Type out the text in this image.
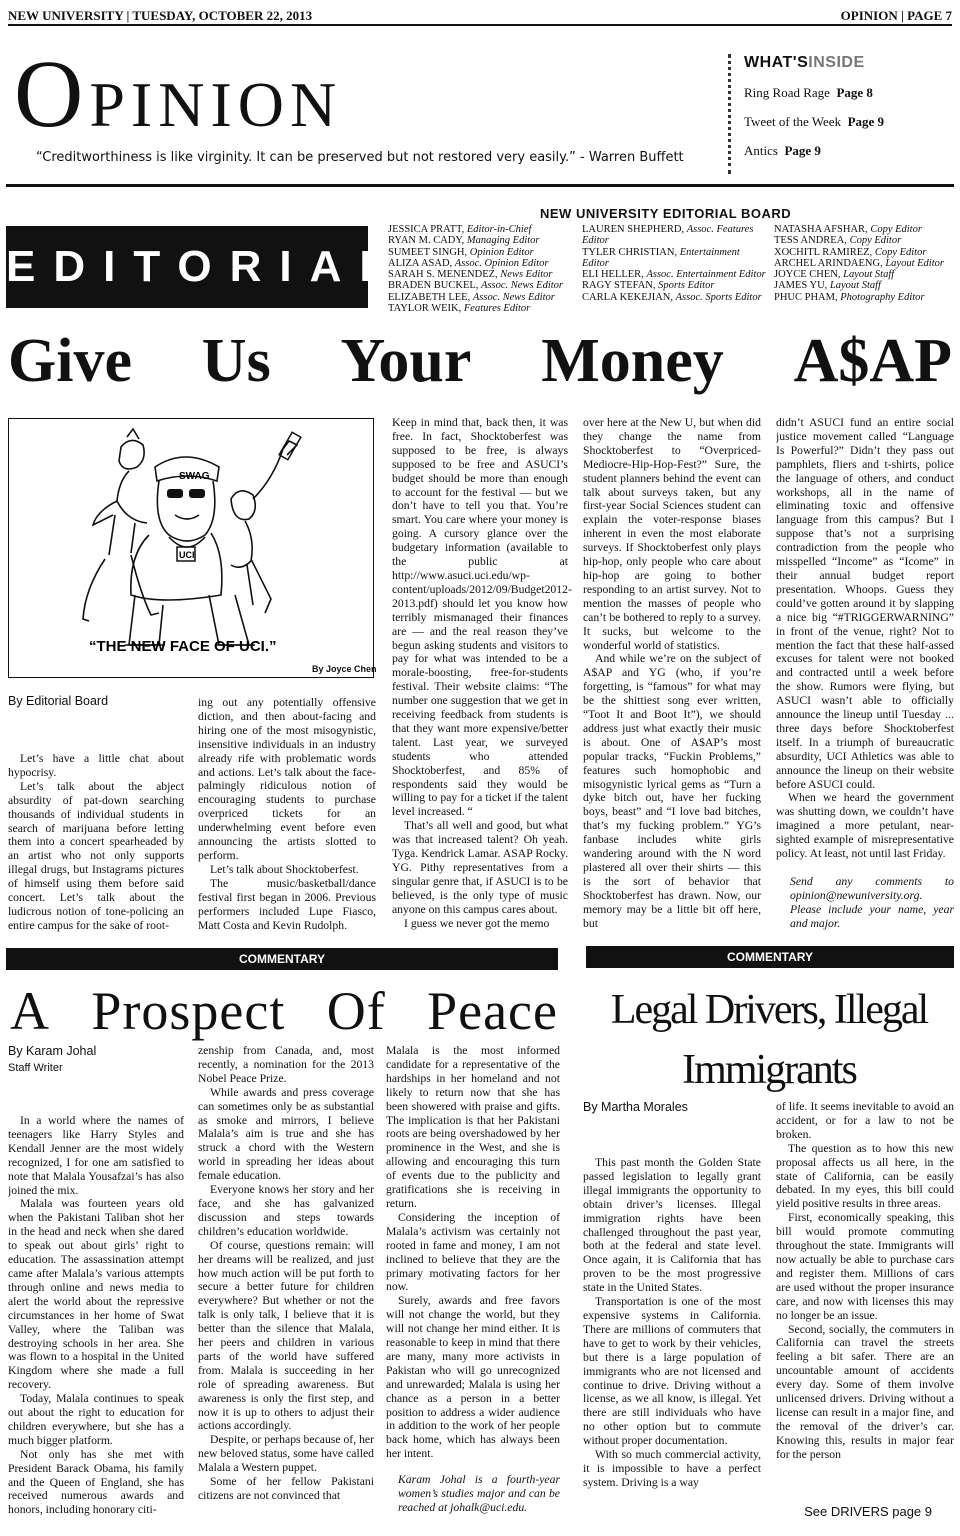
NEW UNIVERSITY | TUESDAY, OCTOBER 22, 2013	OPINION | PAGE 7
OPINION
“Creditworthiness is like virginity. It can be preserved but not restored very easily.” - Warren Buffett
WHAT'SINSIDE
Ring Road Rage Page 8
Tweet of the Week Page 9
Antics Page 9
EDITORIAL
NEW UNIVERSITY EDITORIAL BOARD
JESSICA PRATT, Editor-in-Chief
RYAN M. CADY, Managing Editor
SUMEET SINGH, Opinion Editor
ALIZA ASAD, Assoc. Opinion Editor
SARAH S. MENENDEZ, News Editor
BRADEN BUCKEL, Assoc. News Editor
ELIZABETH LEE, Assoc. News Editor
TAYLOR WEIK, Features Editor
LAUREN SHEPHERD, Assoc. Features Editor
TYLER CHRISTIAN, Entertainment Editor
ELI HELLER, Assoc. Entertainment Editor
RAGY STEFAN, Sports Editor
CARLA KEKEJIAN, Assoc. Sports Editor
NATASHA AFSHAR, Copy Editor
TESS ANDREA, Copy Editor
XOCHITL RAMIREZ, Copy Editor
ARCHEL ARINDAENG, Layout Editor
JOYCE CHEN, Layout Staff
JAMES YU, Layout Staff
PHUC PHAM, Photography Editor
Give Us Your Money A$AP
SWAG
UCI
“THE NEW FACE OF UCI.”
By Joyce Chen
By Editorial Board

Let’s have a little chat about hypocrisy.

Let’s talk about the abject absurdity of pat-down searching thousands of individual students in search of marijuana before letting them into a concert spearheaded by an artist who not only supports illegal drugs, but Instagrams pictures of himself using them before said concert. Let’s talk about the ludicrous notion of tone-policing an entire campus for the sake of root-

ing out any potentially offensive diction, and then about-facing and hiring one of the most misogynistic, insensitive individuals in an industry already rife with problematic words and actions. Let’s talk about the face-palmingly ridiculous notion of encouraging students to purchase overpriced tickets for an underwhelming event before even announcing the artists slotted to perform.

Let’s talk about Shocktoberfest.

The music/basketball/dance festival first began in 2006. Previous performers included Lupe Fiasco, Matt Costa and Kevin Rudolph.

Keep in mind that, back then, it was free. In fact, Shocktoberfest was supposed to be free, is always supposed to be free and ASUCI’s budget should be more than enough to account for the festival — but we don’t have to tell you that. You’re smart. You care where your money is going. A cursory glance over the budgetary information (available to the public at http://www.asuci.uci.edu/wp-content/uploads/2012/09/Budget2012-2013.pdf) should let you know how terribly mismanaged their finances are — and the real reason they’ve begun asking students and visitors to pay for what was intended to be a morale-boosting, free-for-students festival. Their website claims: “The number one suggestion that we get in receiving feedback from students is that they want more expensive/better talent. Last year, we surveyed students who attended Shocktoberfest, and 85% of respondents said they would be willing to pay for a ticket if the talent level increased. “

That’s all well and good, but what was that increased talent? Oh yeah. Tyga. Kendrick Lamar. ASAP Rocky. YG. Pithy representatives from a singular genre that, if ASUCI is to be believed, is the only type of music anyone on this campus cares about.

I guess we never got the memo

over here at the New U, but when did they change the name from Shocktoberfest to “Overpriced-Mediocre-Hip-Hop-Fest?” Sure, the student planners behind the event can talk about surveys taken, but any first-year Social Sciences student can explain the voter-response biases inherent in even the most elaborate surveys. If Shocktoberfest only plays hip-hop, only people who care about hip-hop are going to bother responding to an artist survey. Not to mention the masses of people who can’t be bothered to reply to a survey. It sucks, but welcome to the wonderful world of statistics.

And while we’re on the subject of A$AP and YG (who, if you’re forgetting, is “famous” for what may be the shittiest song ever written, “Toot It and Boot It”), we should address just what exactly their music is about. One of A$AP’s most popular tracks, “Fuckin Problems,” features such homophobic and misogynistic lyrical gems as “Turn a dyke bitch out, have her fucking boys, beast” and “I love bad bitches, that’s my fucking problem.” YG’s fanbase includes white girls wandering around with the N word plastered all over their shirts — this is the sort of behavior that Shocktoberfest has drawn. Now, our memory may be a little bit off here, but

didn’t ASUCI fund an entire social justice movement called “Language Is Powerful?” Didn’t they pass out pamphlets, fliers and t-shirts, police the language of others, and conduct workshops, all in the name of eliminating toxic and offensive language from this campus? But I suppose that’s not a surprising contradiction from the people who misspelled “Income” as “Icome” in their annual budget report presentation. Whoops. Guess they could’ve gotten around it by slapping a nice big “#TRIGGERWARNING” in front of the venue, right? Not to mention the fact that these half-assed excuses for talent were not booked and contracted until a week before the show. Rumors were flying, but ASUCI wasn’t able to officially announce the lineup until Tuesday ... three days before Shocktoberfest itself. In a triumph of bureaucratic absurdity, UCI Athletics was able to announce the lineup on their website before ASUCI could.

When we heard the government was shutting down, we couldn’t have imagined a more petulant, near-sighted example of misrepresentative policy. At least, not until last Friday.

Send any comments to opinion@newuniversity.org. Please include your name, year and major.

COMMENTARY	COMMENTARY
A Prospect Of Peace
By Karam Johal
Staff Writer

In a world where the names of teenagers like Harry Styles and Kendall Jenner are the most widely recognized, I for one am satisfied to note that Malala Yousafzai’s has also joined the mix.

Malala was fourteen years old when the Pakistani Taliban shot her in the head and neck when she dared to speak out about girls’ right to education. The assassination attempt came after Malala’s various attempts through online and news media to alert the world about the repressive circumstances in her home of Swat Valley, where the Taliban was destroying schools in her area. She was flown to a hospital in the United Kingdom where she made a full recovery.

Today, Malala continues to speak out about the right to education for children everywhere, but she has a much bigger platform.

Not only has she met with President Barack Obama, his family and the Queen of England, she has received numerous awards and honors, including honorary citi-

zenship from Canada, and, most recently, a nomination for the 2013 Nobel Peace Prize.

While awards and press coverage can sometimes only be as substantial as smoke and mirrors, I believe Malala’s aim is true and she has struck a chord with the Western world in spreading her ideas about female education.

Everyone knows her story and her face, and she has galvanized discussion and steps towards children’s education worldwide.

Of course, questions remain: will her dreams will be realized, and just how much action will be put forth to secure a better future for children everywhere? But whether or not the talk is only talk, I believe that it is better than the silence that Malala, her peers and children in various parts of the world have suffered from. Malala is succeeding in her role of spreading awareness. But awareness is only the first step, and now it is up to others to adjust their actions accordingly.

Despite, or perhaps because of, her new beloved status, some have called Malala a Western puppet.

Some of her fellow Pakistani citizens are not convinced that

Malala is the most informed candidate for a representative of the hardships in her homeland and not likely to return now that she has been showered with praise and gifts. The implication is that her Pakistani roots are being overshadowed by her prominence in the West, and she is allowing and encouraging this turn of events due to the publicity and gratifications she is receiving in return.

Considering the inception of Malala’s activism was certainly not rooted in fame and money, I am not inclined to believe that they are the primary motivating factors for her now.

Surely, awards and free favors will not change the world, but they will not change her mind either. It is reasonable to keep in mind that there are many, many more activists in Pakistan who will go unrecognized and unrewarded; Malala is using her chance as a person in a better position to address a wider audience in addition to the work of her people back home, which has always been her intent.

Karam Johal is a fourth-year women’s studies major and can be reached at johalk@uci.edu.

Legal Drivers, Illegal
Immigrants
By Martha Morales

This past month the Golden State passed legislation to legally grant illegal immigrants the opportunity to obtain driver’s licenses. Illegal immigration rights have been challenged throughout the past year, both at the federal and state level. Once again, it is California that has proven to be the most progressive state in the United States.

Transportation is one of the most expensive systems in California. There are millions of commuters that have to get to work by their vehicles, but there is a large population of immigrants who are not licensed and continue to drive. Driving without a license, as we all know, is illegal. Yet there are still individuals who have no other option but to commute without proper documentation.

With so much commercial activity, it is impossible to have a perfect system. Driving is a way

of life. It seems inevitable to avoid an accident, or for a law to not be broken.

The question as to how this new proposal affects us all here, in the state of California, can be easily debated. In my eyes, this bill could yield positive results in three areas.

First, economically speaking, this bill would promote commuting throughout the state. Immigrants will now actually be able to purchase cars and register them. Millions of cars are used without the proper insurance care, and now with licenses this may no longer be an issue.

Second, socially, the commuters in California can travel the streets feeling a bit safer. There are an uncountable amount of accidents every day. Some of them involve unlicensed drivers. Driving without a license can result in a major fine, and the removal of the driver’s car. Knowing this, results in major fear for the person

See DRIVERS page 9
